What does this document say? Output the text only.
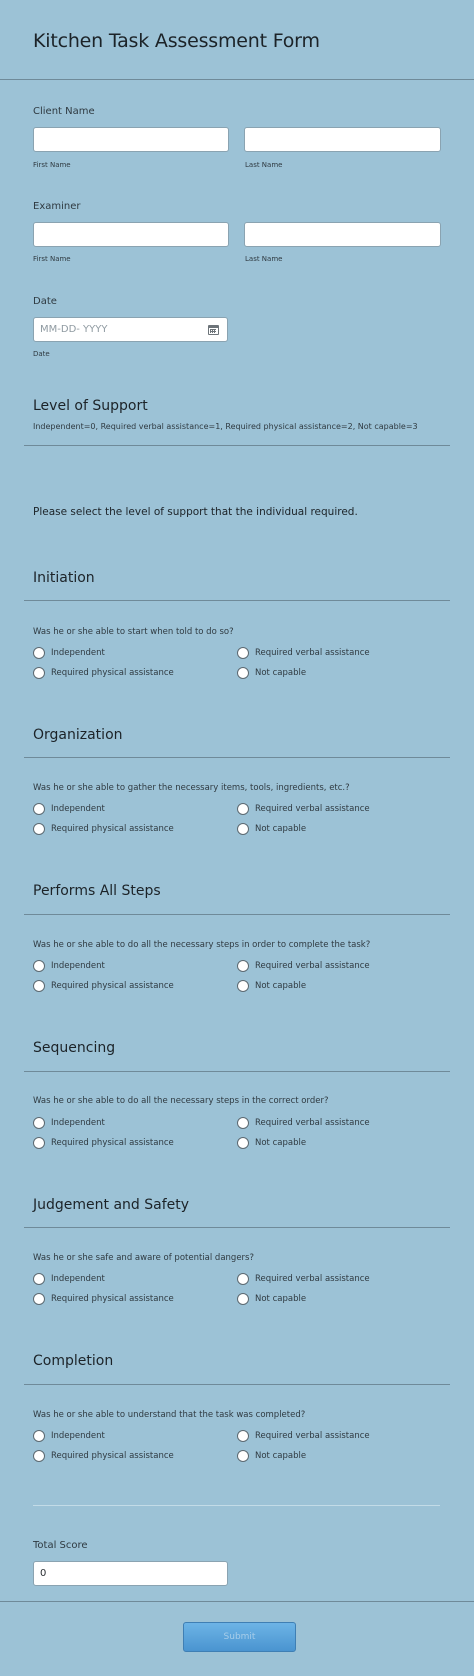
Kitchen Task Assessment Form
Client Name
First Name	Last Name
Examiner
First Name	Last Name
Date
MM-DD- YYYY
Date
Level of Support
Independent=0, Required verbal assistance=1, Required physical assistance=2, Not capable=3
Please select the level of support that the individual required.
Initiation
Was he or she able to start when told to do so?
Independent	Required verbal assistance
Required physical assistance	Not capable
Organization
Was he or she able to gather the necessary items, tools, ingredients, etc.?
Independent	Required verbal assistance
Required physical assistance	Not capable
Performs All Steps
Was he or she able to do all the necessary steps in order to complete the task?
Independent	Required verbal assistance
Required physical assistance	Not capable
Sequencing
Was he or she able to do all the necessary steps in the correct order?
Independent	Required verbal assistance
Required physical assistance	Not capable
Judgement and Safety
Was he or she safe and aware of potential dangers?
Independent	Required verbal assistance
Required physical assistance	Not capable
Completion
Was he or she able to understand that the task was completed?
Independent	Required verbal assistance
Required physical assistance	Not capable
Total Score
0
Submit
